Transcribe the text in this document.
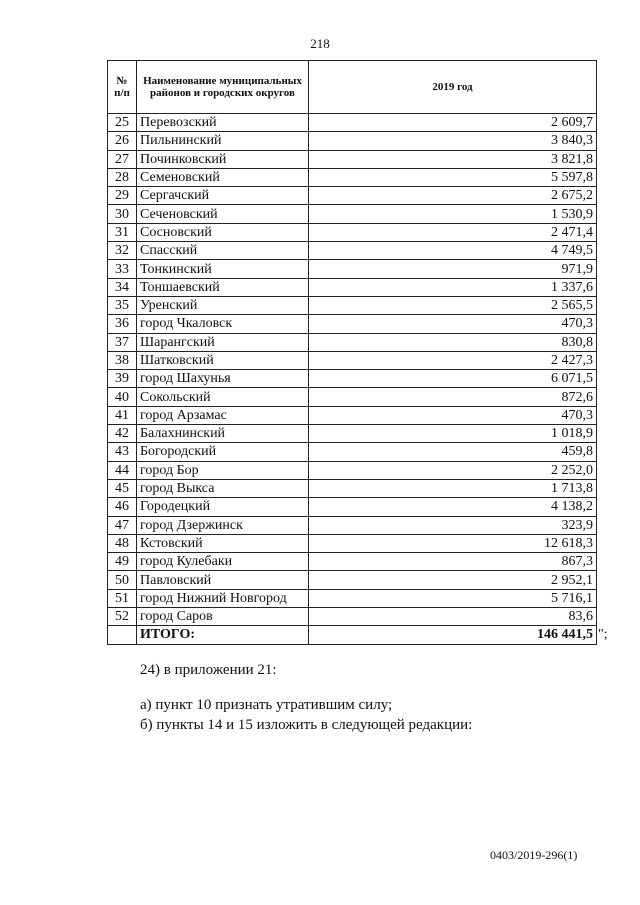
218
№ п/п	Наименование муниципальных районов и городских округов	2019 год
25	Перевозский	2 609,7
26	Пильнинский	3 840,3
27	Починковский	3 821,8
28	Семеновский	5 597,8
29	Сергачский	2 675,2
30	Сеченовский	1 530,9
31	Сосновский	2 471,4
32	Спасский	4 749,5
33	Тонкинский	971,9
34	Тоншаевский	1 337,6
35	Уренский	2 565,5
36	город Чкаловск	470,3
37	Шарангский	830,8
38	Шатковский	2 427,3
39	город Шахунья	6 071,5
40	Сокольский	872,6
41	город Арзамас	470,3
42	Балахнинский	1 018,9
43	Богородский	459,8
44	город Бор	2 252,0
45	город Выкса	1 713,8
46	Городецкий	4 138,2
47	город Дзержинск	323,9
48	Кстовский	12 618,3
49	город Кулебаки	867,3
50	Павловский	2 952,1
51	город Нижний Новгород	5 716,1
52	город Саров	83,6
	ИТОГО:	146 441,5 ";
24) в приложении 21:
а) пункт 10 признать утратившим силу;
б) пункты 14 и 15 изложить в следующей редакции:
0403/2019-296(1)
